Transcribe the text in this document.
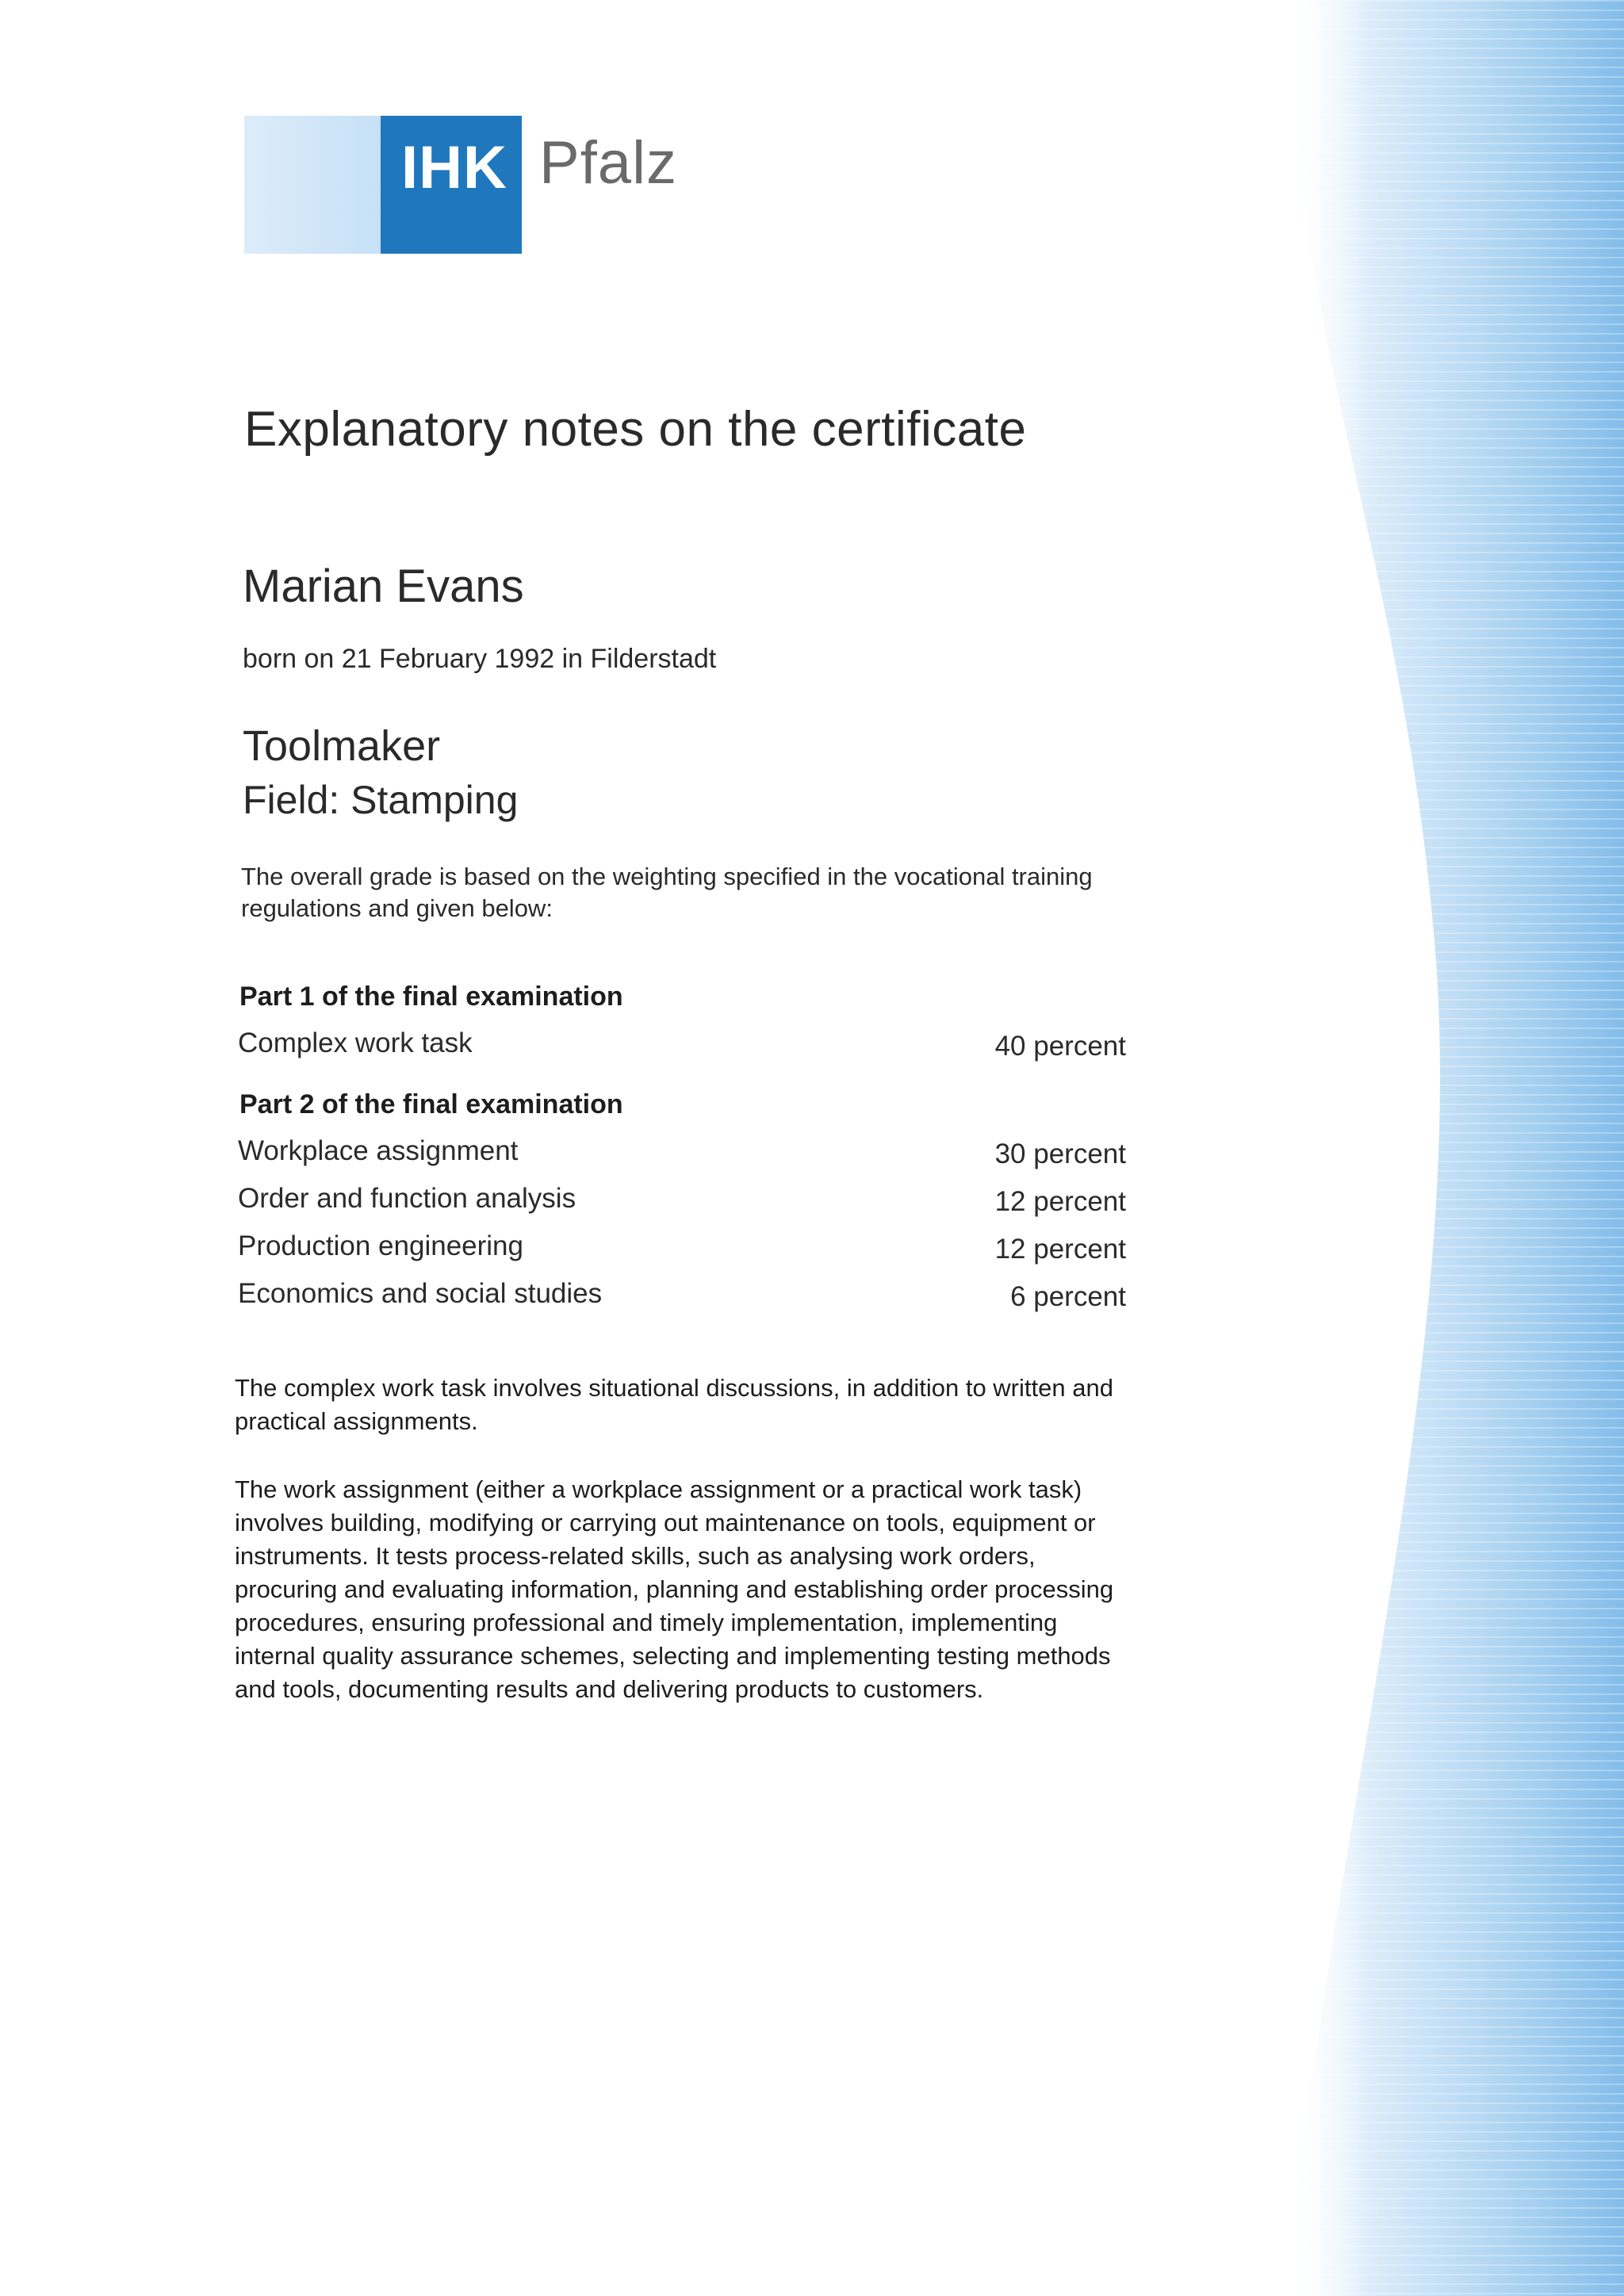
IHK Pfalz
Explanatory notes on the certificate
Marian Evans
born on 21 February 1992 in Filderstadt
Toolmaker
Field: Stamping
The overall grade is based on the weighting specified in the vocational training regulations and given below:
Part 1 of the final examination
Complex work task	40 percent
Part 2 of the final examination
Workplace assignment	30 percent
Order and function analysis	12 percent
Production engineering	12 percent
Economics and social studies	6 percent
The complex work task involves situational discussions, in addition to written and practical assignments.
The work assignment (either a workplace assignment or a practical work task) involves building, modifying or carrying out maintenance on tools, equipment or instruments. It tests process-related skills, such as analysing work orders, procuring and evaluating information, planning and establishing order processing procedures, ensuring professional and timely implementation, implementing internal quality assurance schemes, selecting and implementing testing methods and tools, documenting results and delivering products to customers.
